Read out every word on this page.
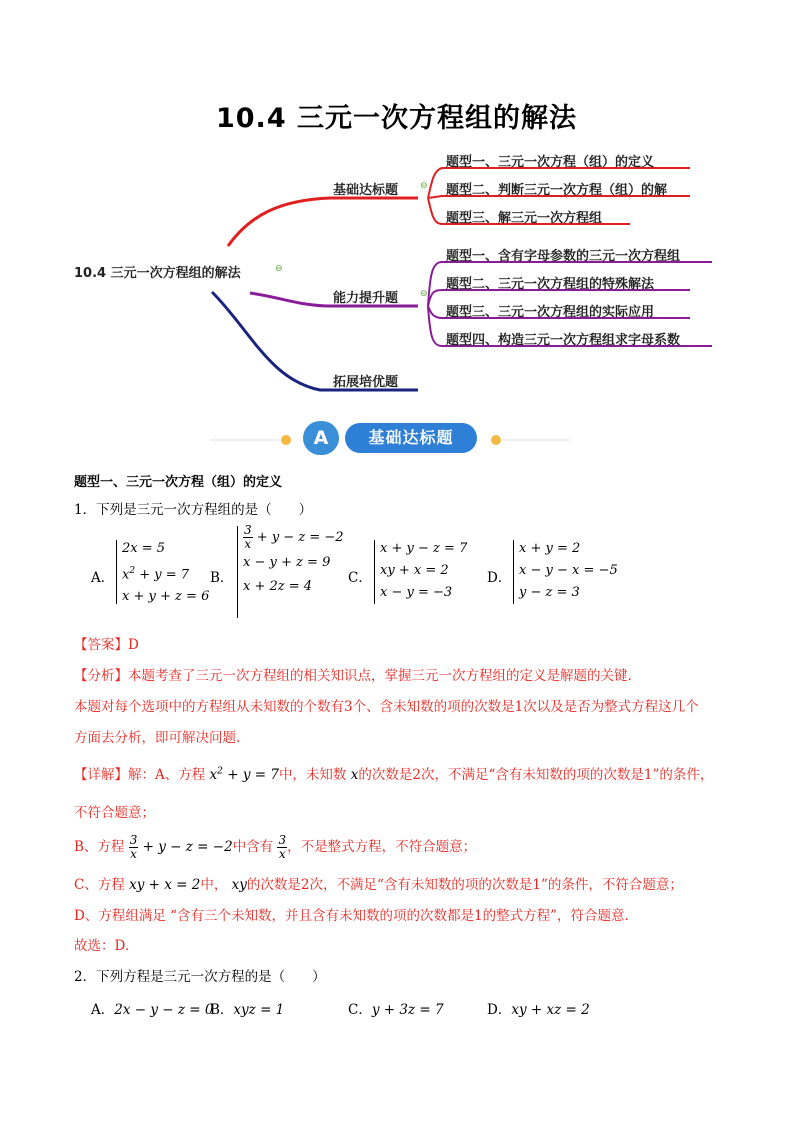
10.4 三元一次方程组的解法
10.4 三元一次方程组的解法	⊖
基础达标题 ⊖
题型一、三元一次方程（组）的定义
题型二、判断三元一次方程（组）的解
题型三、解三元一次方程组
能力提升题 ⊖
题型一、含有字母参数的三元一次方程组
题型二、三元一次方程组的特殊解法
题型三、三元一次方程组的实际应用
题型四、构造三元一次方程组求字母系数
拓展培优题
A	基础达标题
题型一、三元一次方程（组）的定义
1．下列是三元一次方程组的是（　　）
A．
2x = 5
$x^2 + y = 7$
x + y + z = 6
B．
$\frac{3}{x} + y - z = -2$
x − y + z = 9
x + 2z = 4
C．
x + y − z = 7
xy + x = 2
x − y = −3
D．
x + y = 2
x − y − x = −5
y − z = 3
【答案】D
【分析】本题考查了三元一次方程组的相关知识点，掌握三元一次方程组的定义是解题的关键.
本题对每个选项中的方程组从未知数的个数有3个、含未知数的项的次数是1次以及是否为整式方程这几个
方面去分析，即可解决问题.
【详解】解：A、方程 $x^2 + y = 7$中，未知数 x的次数是2次，不满足“含有未知数的项的次数是1”的条件，
不符合题意；
B、方程 $\frac{3}{x} + y - z = -2$中含有 $\frac{3}{x}$ ，不是整式方程，不符合题意；
C、方程 xy + x = 2中， xy的次数是2次，不满足“含有未知数的项的次数是1”的条件，不符合题意；
D、方程组满足 “含有三个未知数，并且含有未知数的项的次数都是1的整式方程”，符合题意.
故选：D.
2．下列方程是三元一次方程的是（　　）
A．2x − y − z = 0
B．xyz = 1	C．y + 3z = 7	D．xy + xz = 2
